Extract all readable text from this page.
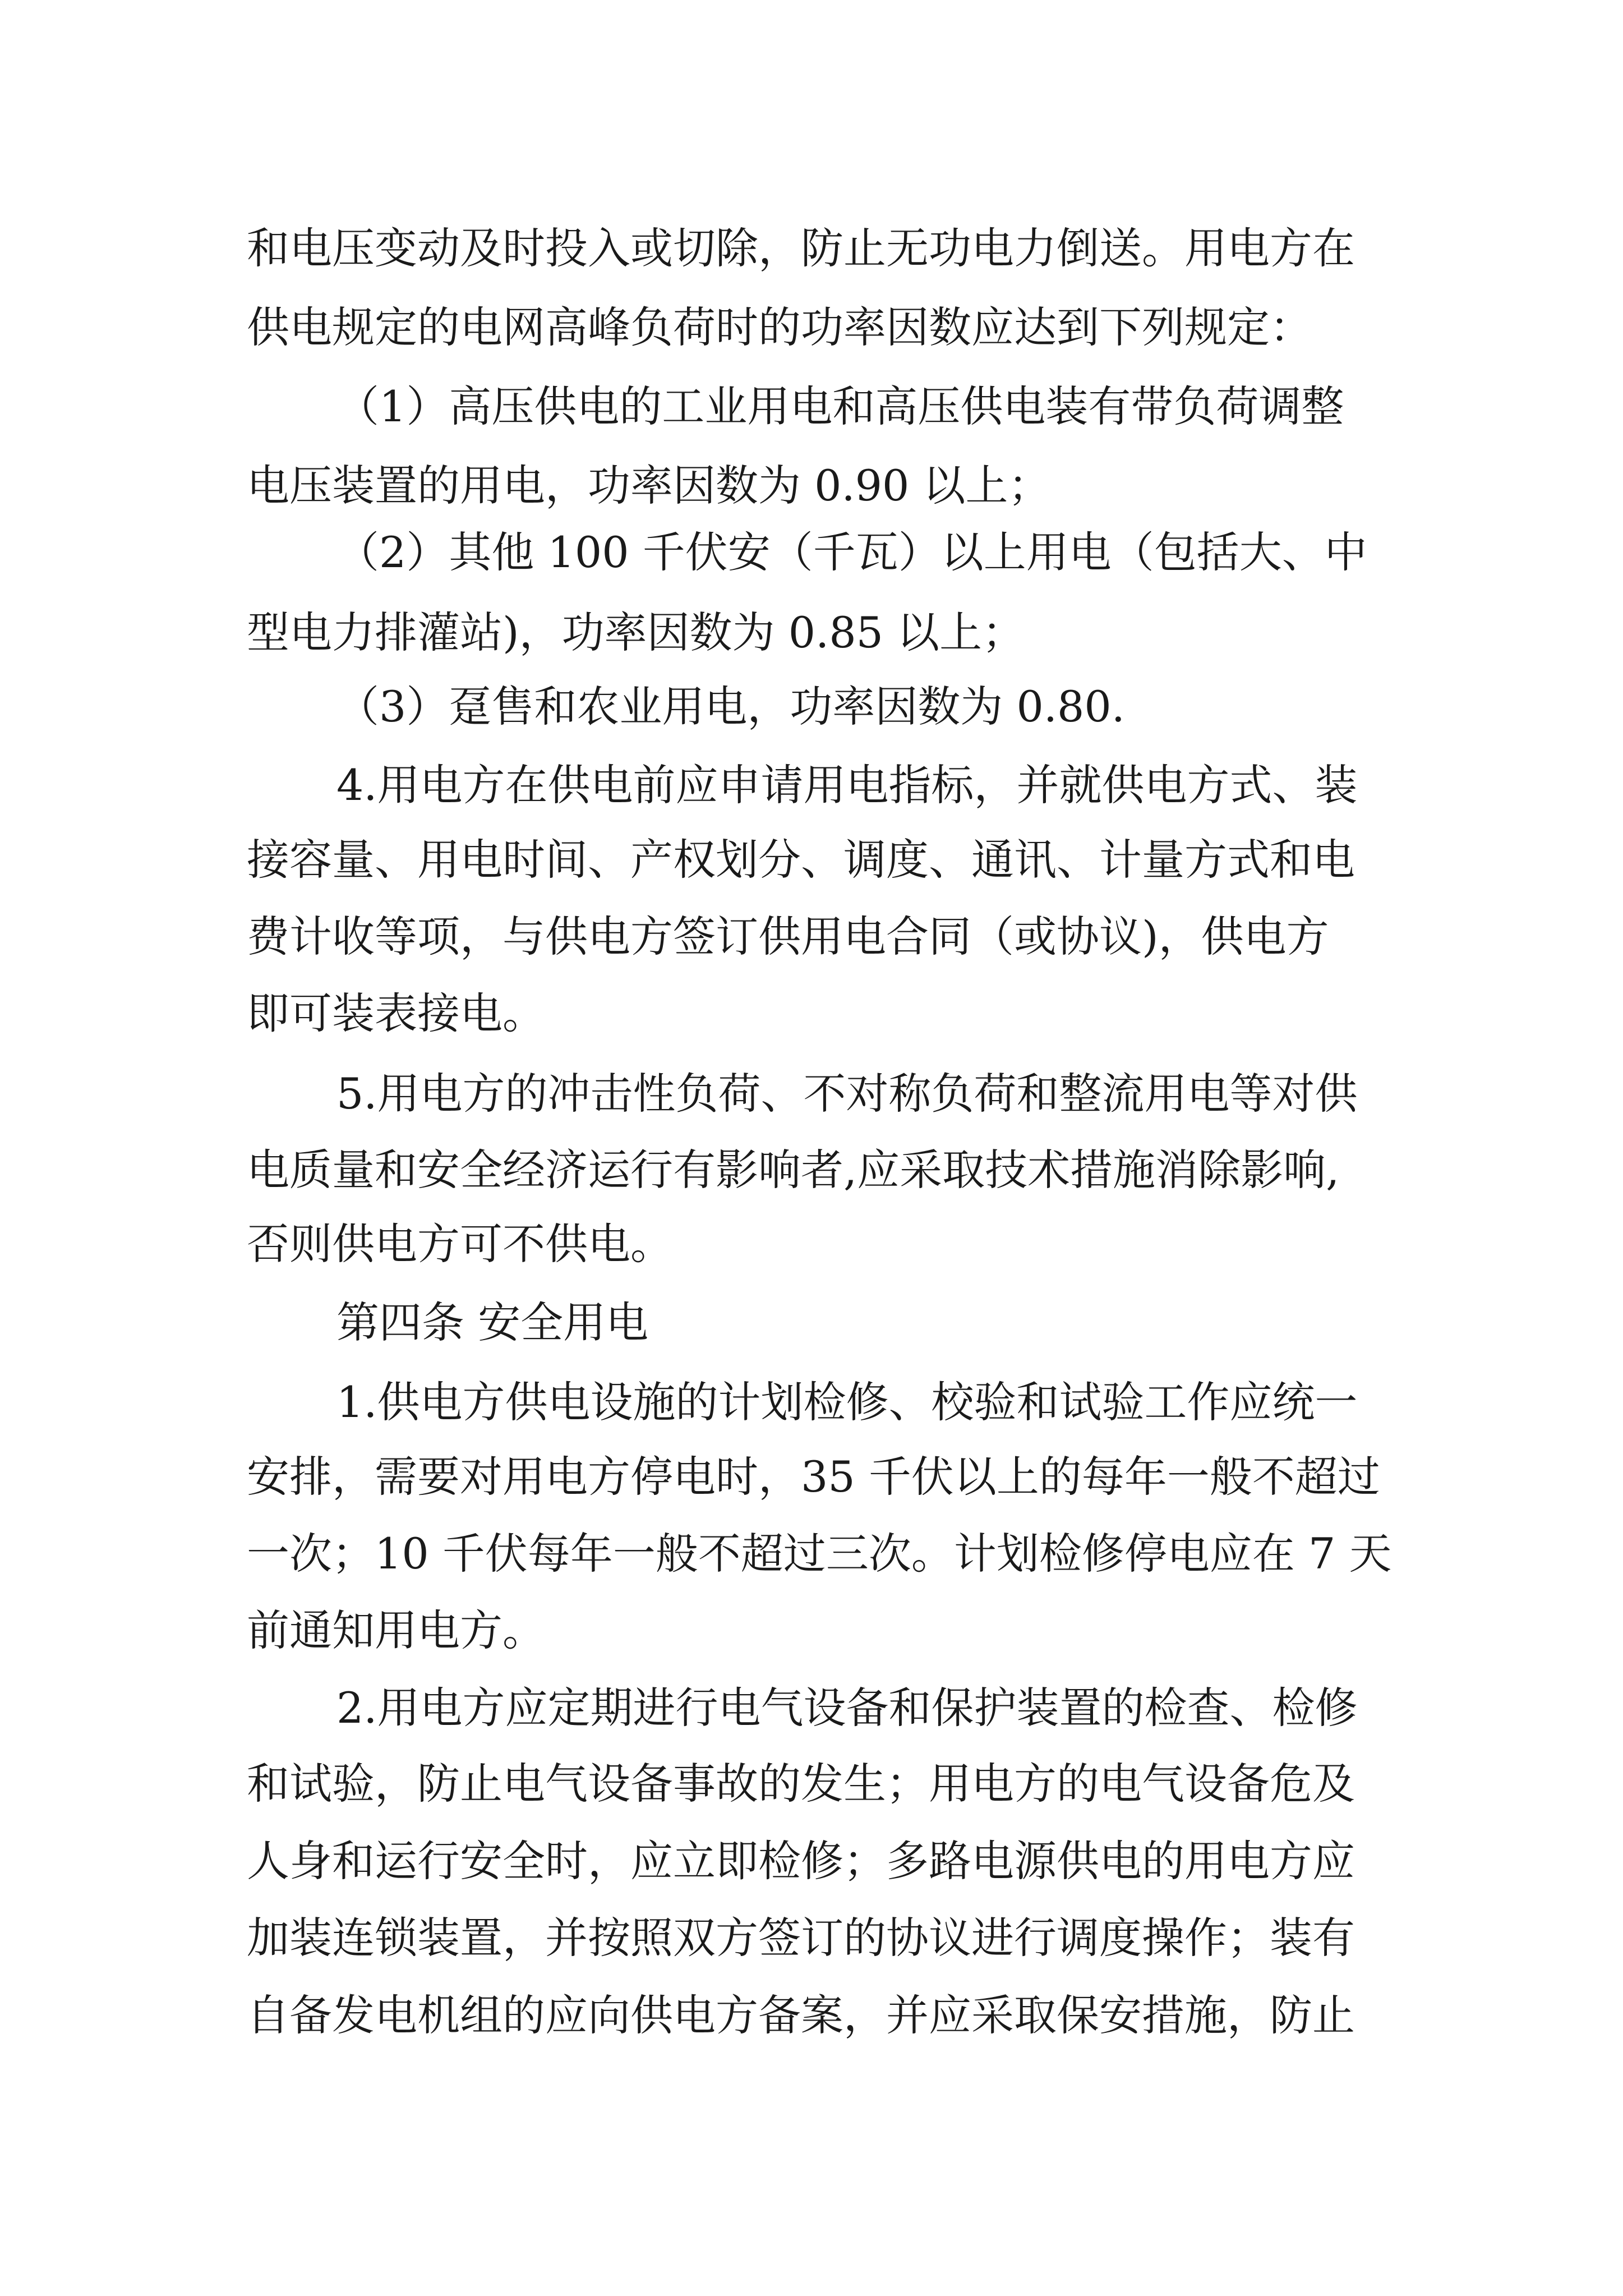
和电压变动及时投入或切除，防止无功电力倒送。用电方在
供电规定的电网高峰负荷时的功率因数应达到下列规定：
（1）高压供电的工业用电和高压供电装有带负荷调整
电压装置的用电，功率因数为 0.90 以上；
（2）其他 100 千伏安（千瓦）以上用电（包括大、中
型电力排灌站)，功率因数为 0.85 以上；
（3）趸售和农业用电，功率因数为 0.80.
4.用电方在供电前应申请用电指标，并就供电方式、装
接容量、用电时间、产权划分、调度、通讯、计量方式和电
费计收等项，与供电方签订供用电合同（或协议)，供电方
即可装表接电。
5.用电方的冲击性负荷、不对称负荷和整流用电等对供
电质量和安全经济运行有影响者,应采取技术措施消除影响,
否则供电方可不供电。
第四条 安全用电
1.供电方供电设施的计划检修、校验和试验工作应统一
安排，需要对用电方停电时，35 千伏以上的每年一般不超过
一次；10 千伏每年一般不超过三次。计划检修停电应在 7 天
前通知用电方。
2.用电方应定期进行电气设备和保护装置的检查、检修
和试验，防止电气设备事故的发生；用电方的电气设备危及
人身和运行安全时，应立即检修；多路电源供电的用电方应
加装连锁装置，并按照双方签订的协议进行调度操作；装有
自备发电机组的应向供电方备案，并应采取保安措施，防止
